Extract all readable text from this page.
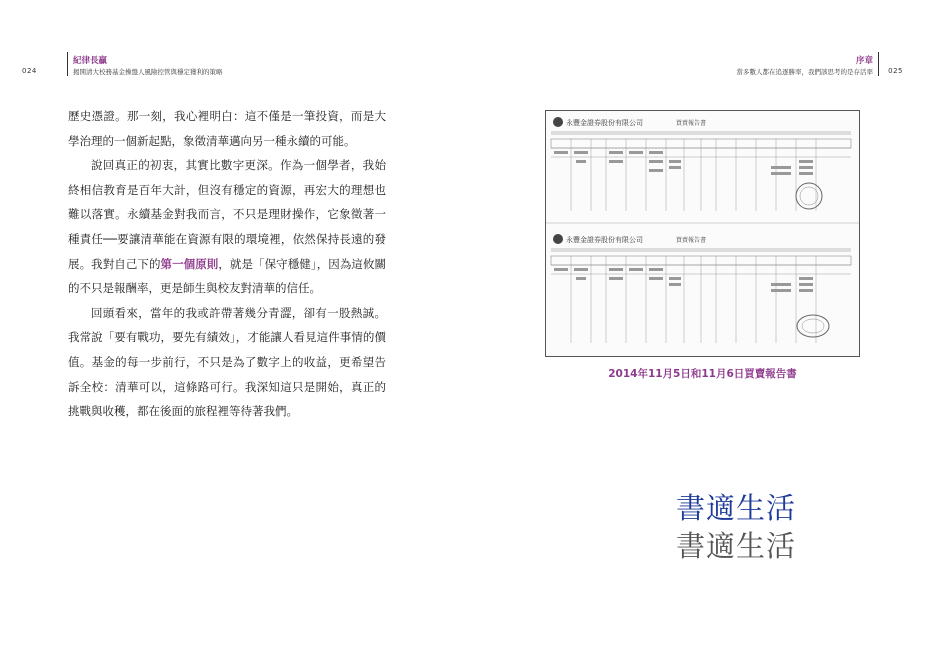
024
紀律長贏
揭開清大校務基金操盤人風險控管與穩定獲利的策略
序章
當多數人都在追逐勝率，我們該思考的是存活率 025

歷史憑證。那一刻，我心裡明白：這不僅是一筆投資，而是大學治理的一個新起點，象徵清華邁向另一種永續的可能。

說回真正的初衷，其實比數字更深。作為一個學者，我始終相信教育是百年大計，但沒有穩定的資源，再宏大的理想也難以落實。永續基金對我而言，不只是理財操作，它象徵著一種責任──要讓清華能在資源有限的環境裡，依然保持長遠的發展。我對自己下的第一個原則，就是「保守穩健」，因為這攸關的不只是報酬率，更是師生與校友對清華的信任。

回頭看來，當年的我或許帶著幾分青澀，卻有一股熱誠。我常說「要有戰功，要先有績效」，才能讓人看見這件事情的價值。基金的每一步前行，不只是為了數字上的收益，更希望告訴全校：清華可以，這條路可行。我深知這只是開始，真正的挑戰與收穫，都在後面的旅程裡等待著我們。

永豐金證券股份有限公司	買賣報告書
永豐金證券股份有限公司	買賣報告書
2014年11月5日和11月6日買賣報告書
書適生活
書適生活
